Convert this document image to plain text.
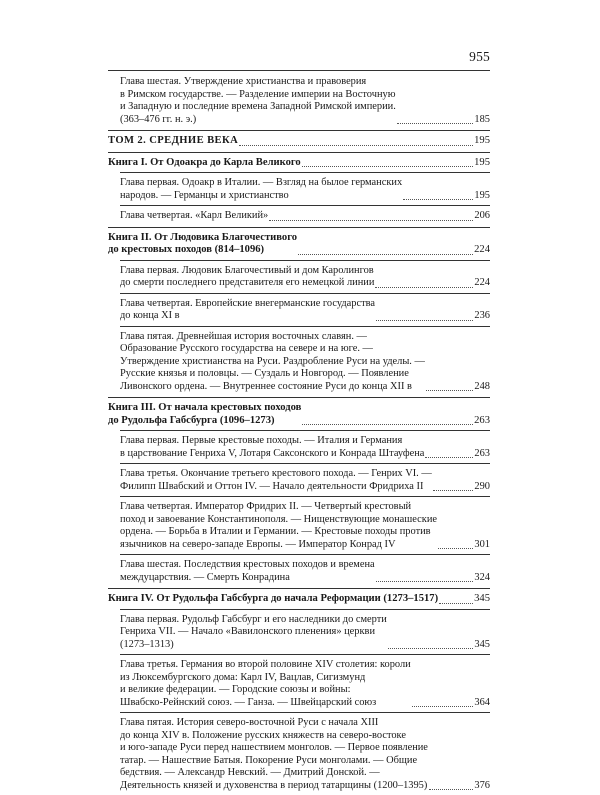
955
Глава шестая. Утверждение христианства и правоверия
в Римском государстве. — Разделение империи на Восточную
и Западную и последние времена Западной Римской империи.
(363–476 гг. н. э.)	185
ТОМ 2. СРЕДНИЕ ВЕКА	195
Книга I. От Одоакра до Карла Великого	195
Глава первая. Одоакр в Италии. — Взгляд на былое германских
народов. — Германцы и христианство	195
Глава четвертая. «Карл Великий»	206
Книга II. От Людовика Благочестивого
до крестовых походов (814–1096)	224
Глава первая. Людовик Благочестивый и дом Каролингов
до смерти последнего представителя его немецкой линии	224
Глава четвертая. Европейские внегерманские государства
до конца XI в	236
Глава пятая. Древнейшая история восточных славян. —
Образование Русского государства на севере и на юге. —
Утверждение христианства на Руси. Раздробление Руси на уделы. —
Русские князья и половцы. — Суздаль и Новгород. — Появление
Ливонского ордена. — Внутреннее состояние Руси до конца XII в	248
Книга III. От начала крестовых походов
до Рудольфа Габсбурга (1096–1273)	263
Глава первая. Первые крестовые походы. — Италия и Германия
в царствование Генриха V, Лотаря Саксонского и Конрада Штауфена	263
Глава третья. Окончание третьего крестового похода. — Генрих VI. —
Филипп Швабский и Оттон IV. — Начало деятельности Фридриха II	290
Глава четвертая. Император Фридрих II. — Четвертый крестовый
поход и завоевание Константинополя. — Нищенствующие монашеские
ордена. — Борьба в Италии и Германии. — Крестовые походы против
язычников на северо-западе Европы. — Император Конрад IV	301
Глава шестая. Последствия крестовых походов и времена
междуцарствия. — Смерть Конрадина	324
Книга IV. От Рудольфа Габсбурга до начала Реформации (1273–1517)	345
Глава первая. Рудольф Габсбург и его наследники до смерти
Генриха VII. — Начало «Вавилонского пленения» церкви
(1273–1313)	345
Глава третья. Германия во второй половине XIV столетия: короли
из Люксембургского дома: Карл IV, Вацлав, Сигизмунд
и великие федерации. — Городские союзы и войны:
Швабско-Рейнский союз. — Ганза. — Швейцарский союз	364
Глава пятая. История северо-восточной Руси с начала XIII
до конца XIV в. Положение русских княжеств на северо-востоке
и юго-западе Руси перед нашествием монголов. — Первое появление
татар. — Нашествие Батыя. Покорение Руси монголами. — Общие
бедствия. — Александр Невский. — Дмитрий Донской. —
Деятельность князей и духовенства в период татарщины (1200–1395)	376
